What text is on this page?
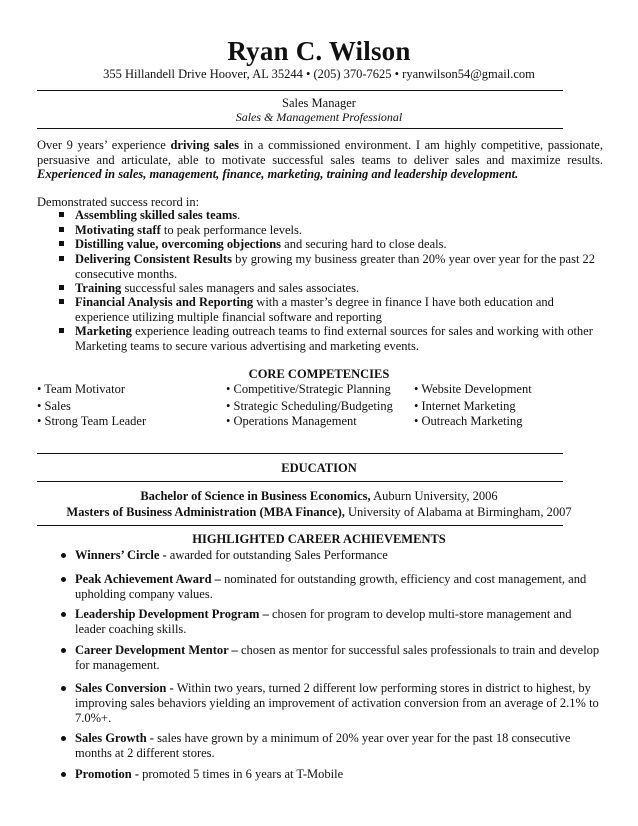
Ryan C. Wilson
355 Hillandell Drive Hoover, AL 35244 • (205) 370-7625 • ryanwilson54@gmail.com
Sales Manager
Sales & Management Professional
Over 9 years’ experience driving sales in a commissioned environment. I am highly competitive, passionate,
persuasive and articulate, able to motivate successful sales teams to deliver sales and maximize results.
Experienced in sales, management, finance, marketing, training and leadership development.
Demonstrated success record in:
Assembling skilled sales teams.
Motivating staff to peak performance levels.
Distilling value, overcoming objections and securing hard to close deals.
Delivering Consistent Results by growing my business greater than 20% year over year for the past 22 consecutive months.
Training successful sales managers and sales associates.
Financial Analysis and Reporting with a master’s degree in finance I have both education and experience utilizing multiple financial software and reporting
Marketing experience leading outreach teams to find external sources for sales and working with other Marketing teams to secure various advertising and marketing events.
CORE COMPETENCIES
• Team Motivator
• Sales
• Strong Team Leader
• Competitive/Strategic Planning
• Strategic Scheduling/Budgeting
• Operations Management
• Website Development
• Internet Marketing
• Outreach Marketing
EDUCATION
Bachelor of Science in Business Economics, Auburn University, 2006
Masters of Business Administration (MBA Finance), University of Alabama at Birmingham, 2007
HIGHLIGHTED CAREER ACHIEVEMENTS
Winners’ Circle - awarded for outstanding Sales Performance
Peak Achievement Award – nominated for outstanding growth, efficiency and cost management, and upholding company values.
Leadership Development Program – chosen for program to develop multi-store management and leader coaching skills.
Career Development Mentor – chosen as mentor for successful sales professionals to train and develop for management.
Sales Conversion - Within two years, turned 2 different low performing stores in district to highest, by improving sales behaviors yielding an improvement of activation conversion from an average of 2.1% to 7.0%+.
Sales Growth - sales have grown by a minimum of 20% year over year for the past 18 consecutive months at 2 different stores.
Promotion - promoted 5 times in 6 years at T-Mobile
